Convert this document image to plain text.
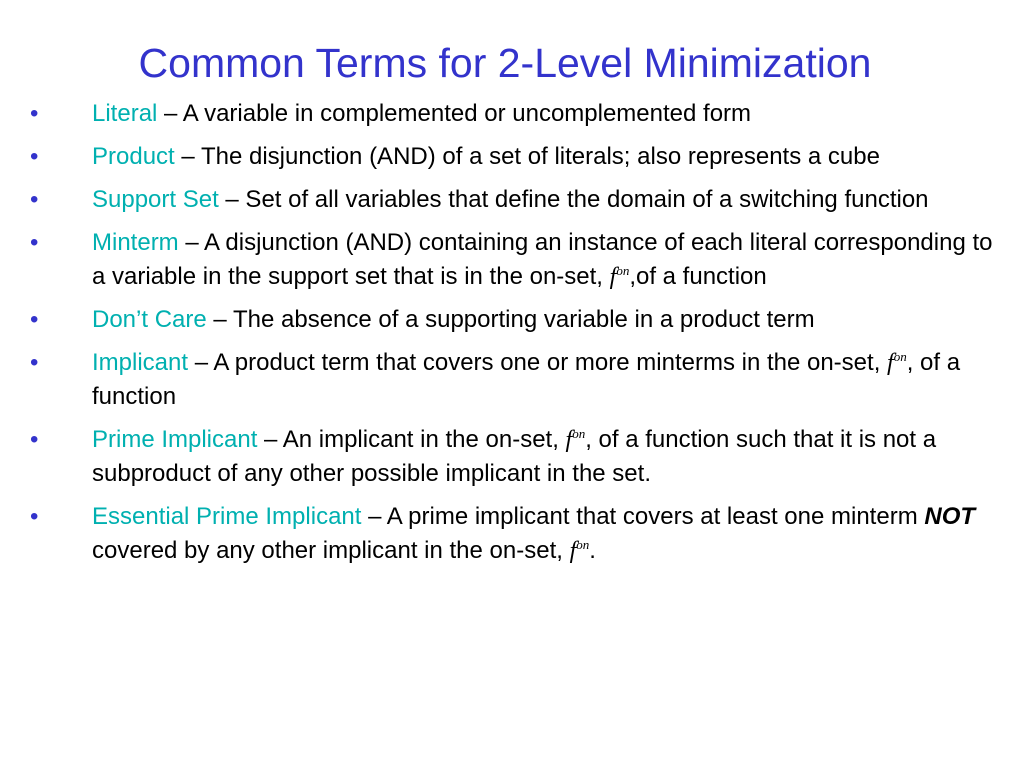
Common Terms for 2-Level Minimization
• Literal – A variable in complemented or uncomplemented form
• Product – The disjunction (AND) of a set of literals; also represents a cube
• Support Set – Set of all variables that define the domain of a switching function
• Minterm – A disjunction (AND) containing an instance of each literal corresponding to a variable in the support set that is in the on-set, $f^{on},of$ a function
• Don’t Care – The absence of a supporting variable in a product term
• Implicant – A product term that covers one or more minterms in the on-set, $f^{on}$, of a function
• Prime Implicant – An implicant in the on-set, $f^{on}$, of a function such that it is not a subproduct of any other possible implicant in the set.
• Essential Prime Implicant – A prime implicant that covers at least one minterm NOT covered by any other implicant in the on-set, $f^{on}$.
